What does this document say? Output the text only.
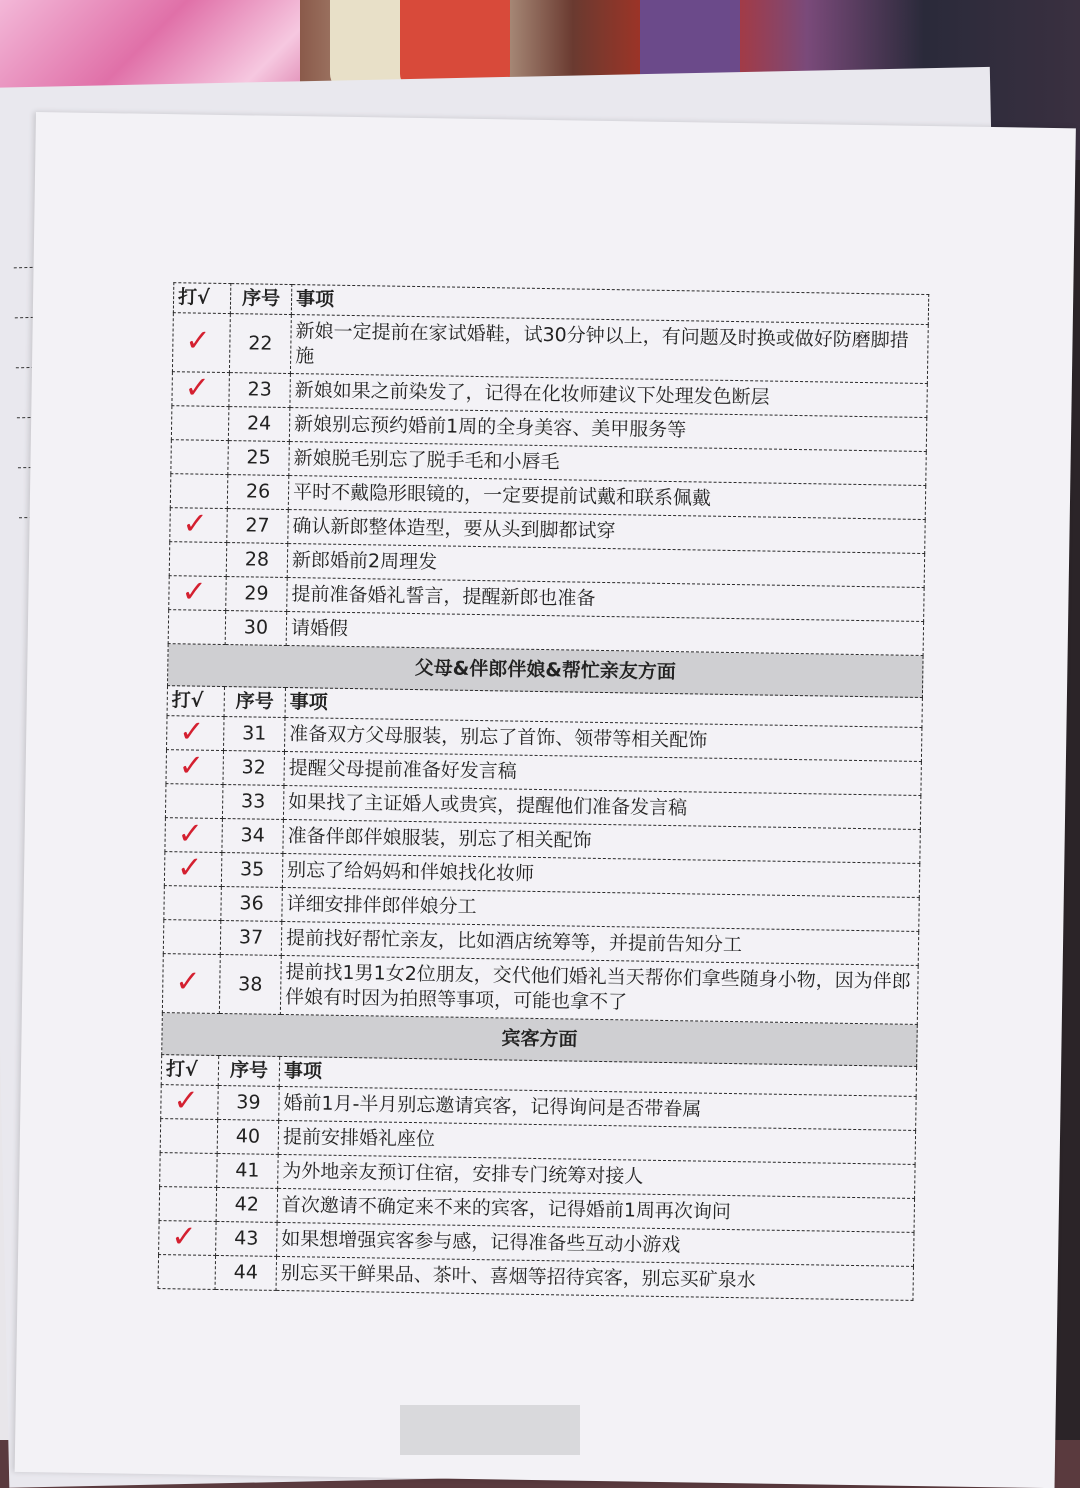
打√	序号	事项

✓	22	新娘一定提前在家试婚鞋，试30分钟以上，有问题及时换或做好防磨脚措施

✓	23	新娘如果之前染发了，记得在化妆师建议下处理发色断层
	24	新娘别忘预约婚前1周的全身美容、美甲服务等
	25	新娘脱毛别忘了脱手毛和小唇毛
	26	平时不戴隐形眼镜的，一定要提前试戴和联系佩戴

✓	27	确认新郎整体造型，要从头到脚都试穿
	28	新郎婚前2周理发

✓	29	提前准备婚礼誓言，提醒新郎也准备
	30	请婚假
父母&伴郎伴娘&帮忙亲友方面		
打√	序号	事项

✓	31	准备双方父母服装，别忘了首饰、领带等相关配饰

✓	32	提醒父母提前准备好发言稿
	33	如果找了主证婚人或贵宾，提醒他们准备发言稿

✓	34	准备伴郎伴娘服装，别忘了相关配饰

✓	35	别忘了给妈妈和伴娘找化妆师
	36	详细安排伴郎伴娘分工
	37	提前找好帮忙亲友，比如酒店统筹等，并提前告知分工

✓	38	提前找1男1女2位朋友，交代他们婚礼当天帮你们拿些随身小物，因为伴郎伴娘有时因为拍照等事项，可能也拿不了
宾客方面		
打√	序号	事项

✓	39	婚前1月-半月别忘邀请宾客，记得询问是否带眷属
	40	提前安排婚礼座位
	41	为外地亲友预订住宿，安排专门统筹对接人
	42	首次邀请不确定来不来的宾客，记得婚前1周再次询问

✓	43	如果想增强宾客参与感，记得准备些互动小游戏
	44	别忘买干鲜果品、茶叶、喜烟等招待宾客，别忘买矿泉水
